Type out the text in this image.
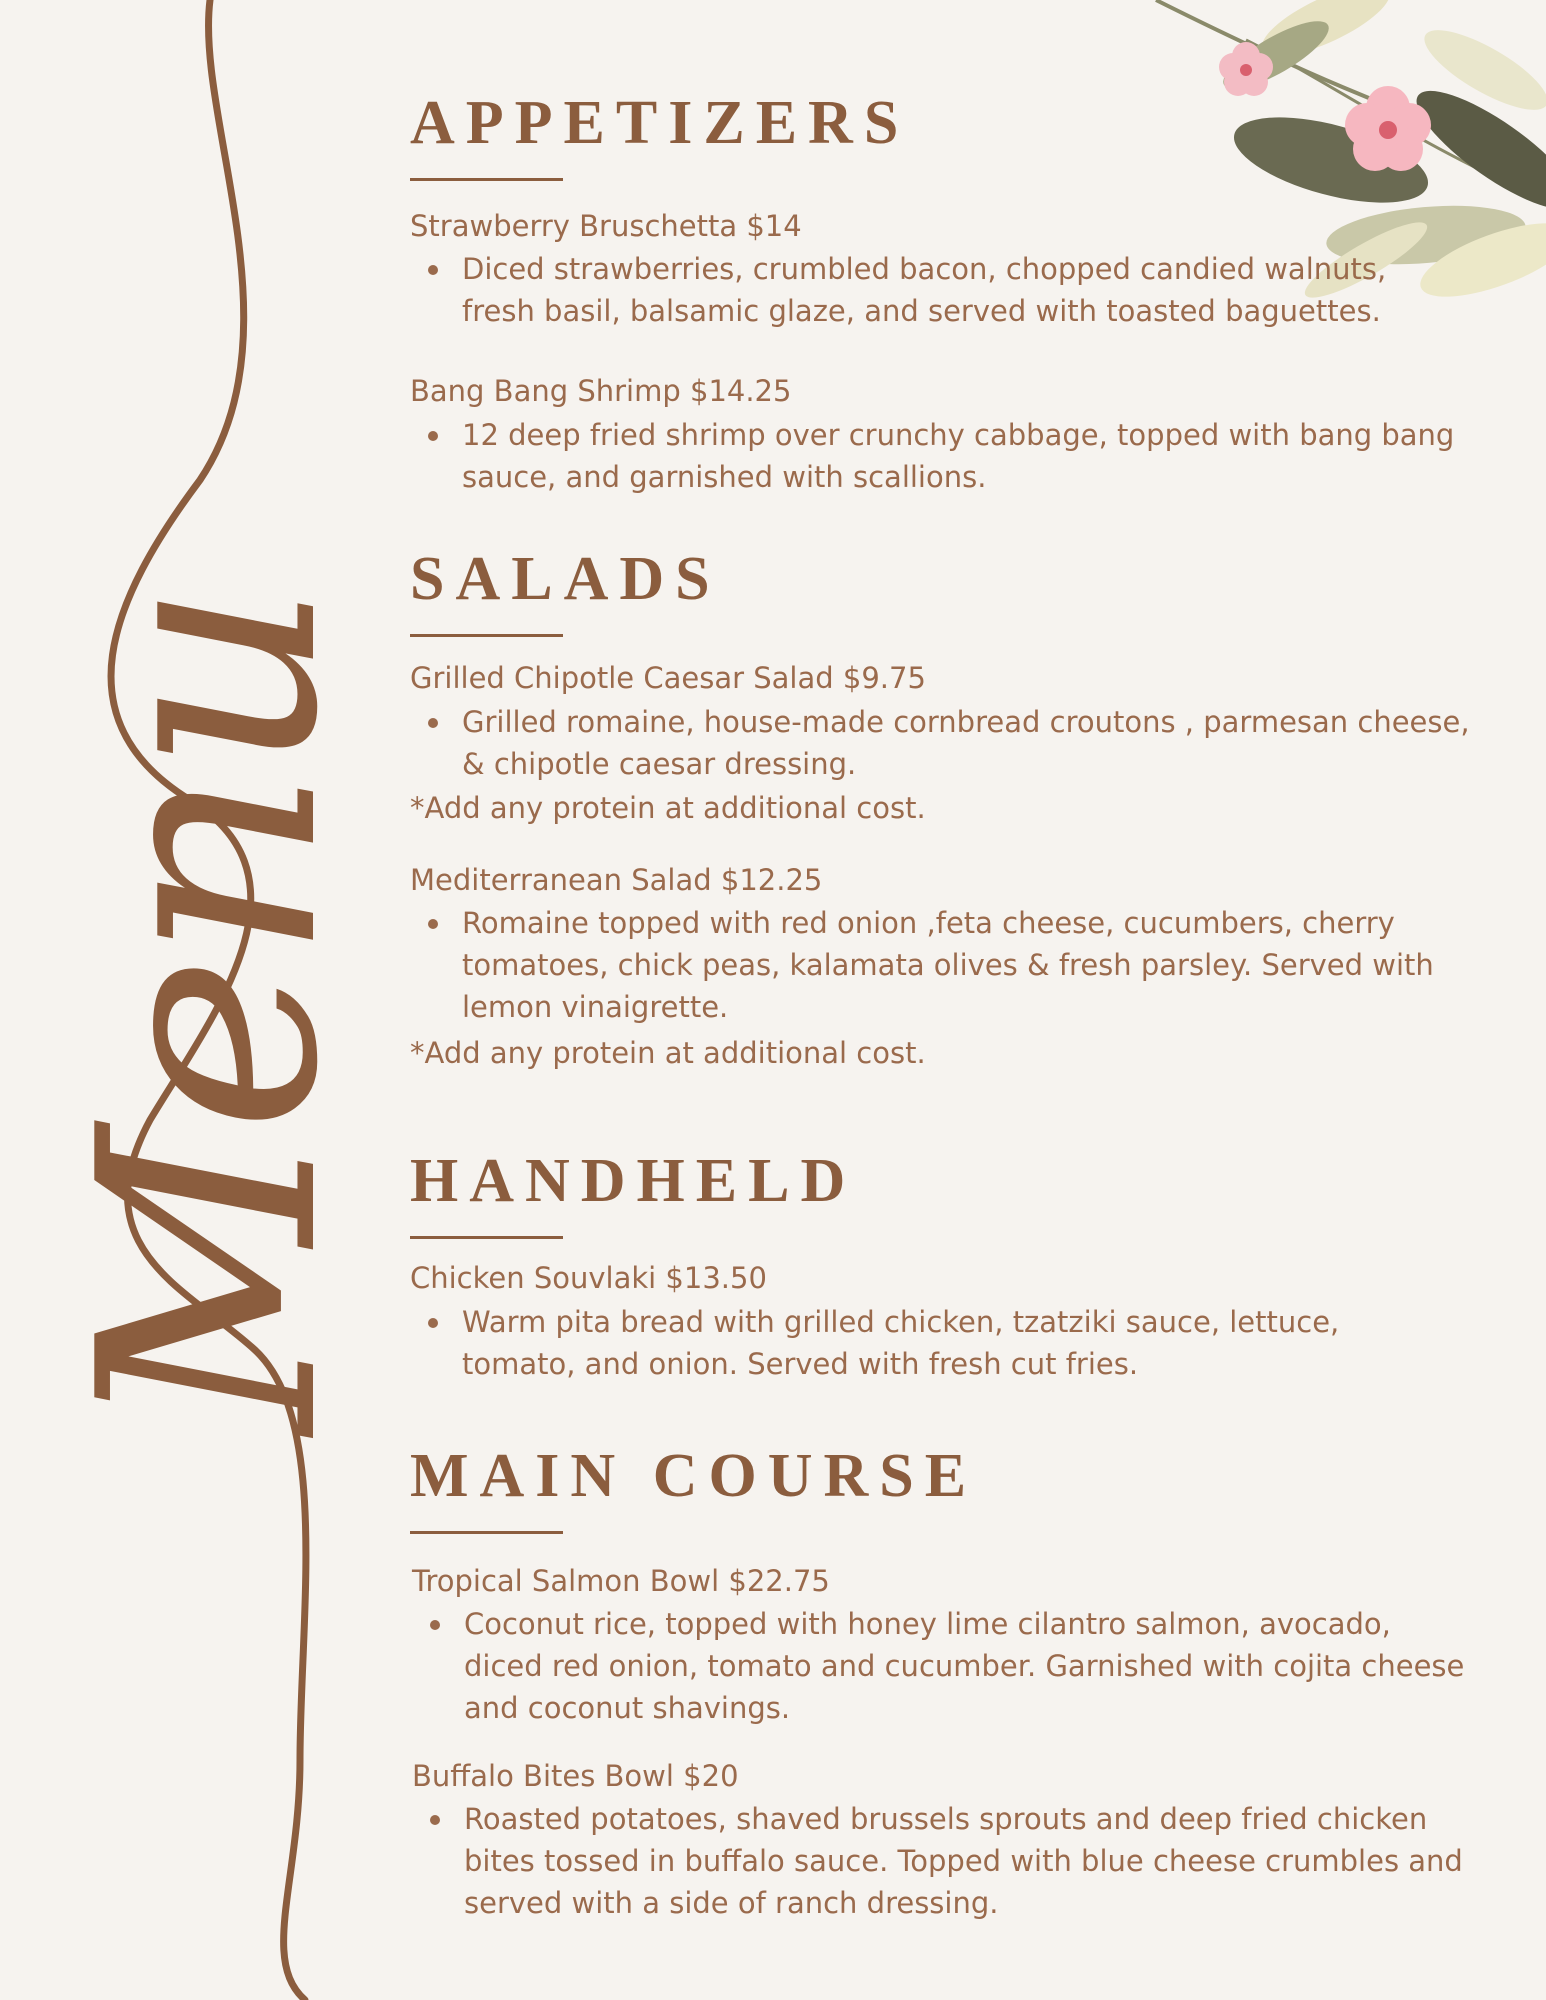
Menu
APPETIZERS
Strawberry Bruschetta $14
Diced strawberries, crumbled bacon, chopped candied walnuts,
fresh basil, balsamic glaze, and served with toasted baguettes.
Bang Bang Shrimp $14.25
12 deep fried shrimp over crunchy cabbage, topped with bang bang
sauce, and garnished with scallions.
SALADS
Grilled Chipotle Caesar Salad $9.75
Grilled romaine, house-made cornbread croutons , parmesan cheese,
& chipotle caesar dressing.
*Add any protein at additional cost.
Mediterranean Salad $12.25
Romaine topped with red onion ,feta cheese, cucumbers, cherry
tomatoes, chick peas, kalamata olives & fresh parsley. Served with
lemon vinaigrette.
*Add any protein at additional cost.
HANDHELD
Chicken Souvlaki $13.50
Warm pita bread with grilled chicken, tzatziki sauce, lettuce,
tomato, and onion. Served with fresh cut fries.
MAIN COURSE
Tropical Salmon Bowl $22.75
Coconut rice, topped with honey lime cilantro salmon, avocado,
diced red onion, tomato and cucumber. Garnished with cojita cheese
and coconut shavings.
Buffalo Bites Bowl $20
Roasted potatoes, shaved brussels sprouts and deep fried chicken
bites tossed in buffalo sauce. Topped with blue cheese crumbles and
served with a side of ranch dressing.
